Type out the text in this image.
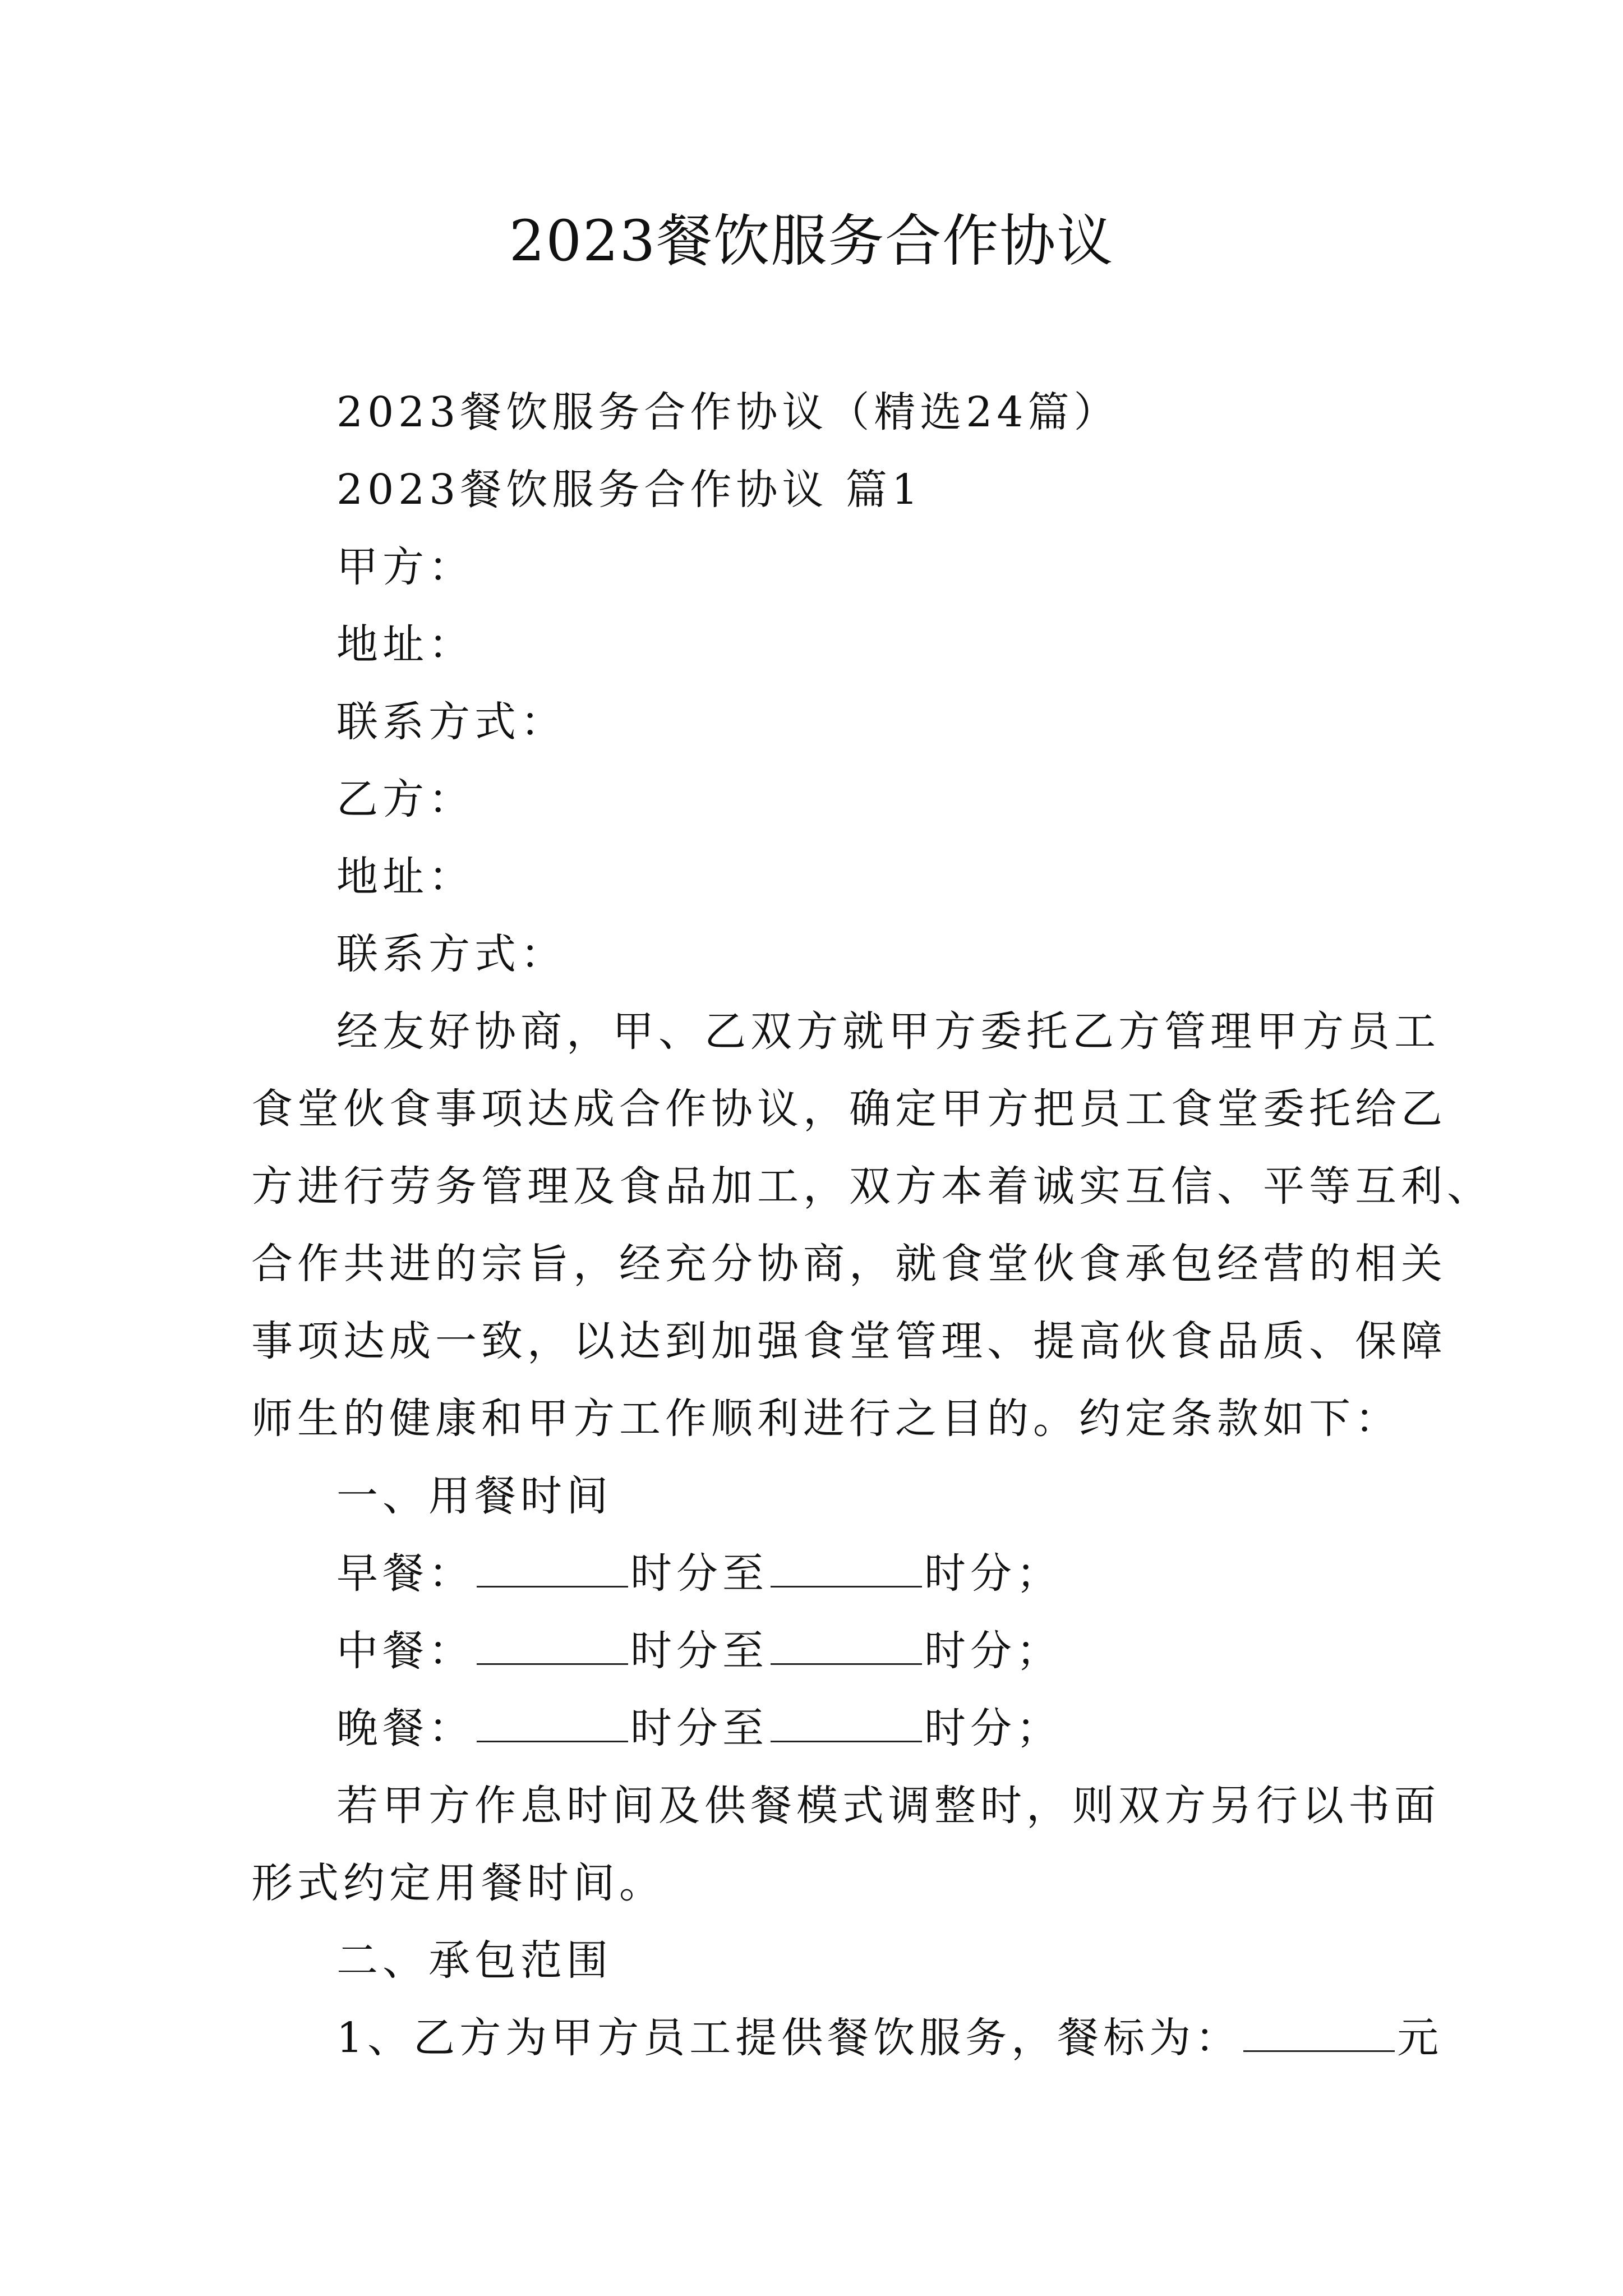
2023餐饮服务合作协议
2023餐饮服务合作协议（精选24篇）
2023餐饮服务合作协议 篇1
甲方：
地址：
联系方式：
乙方：
地址：
联系方式：
经友好协商，甲、乙双方就甲方委托乙方管理甲方员工
食堂伙食事项达成合作协议，确定甲方把员工食堂委托给乙
方进行劳务管理及食品加工，双方本着诚实互信、平等互利、
合作共进的宗旨，经充分协商，就食堂伙食承包经营的相关
事项达成一致，以达到加强食堂管理、提高伙食品质、保障
师生的健康和甲方工作顺利进行之目的。约定条款如下：
一、用餐时间
早餐：	时分至	时分；
中餐：	时分至	时分；
晚餐：	时分至	时分；
若甲方作息时间及供餐模式调整时，则双方另行以书面
形式约定用餐时间。
二、承包范围
1、乙方为甲方员工提供餐饮服务，餐标为：	元
